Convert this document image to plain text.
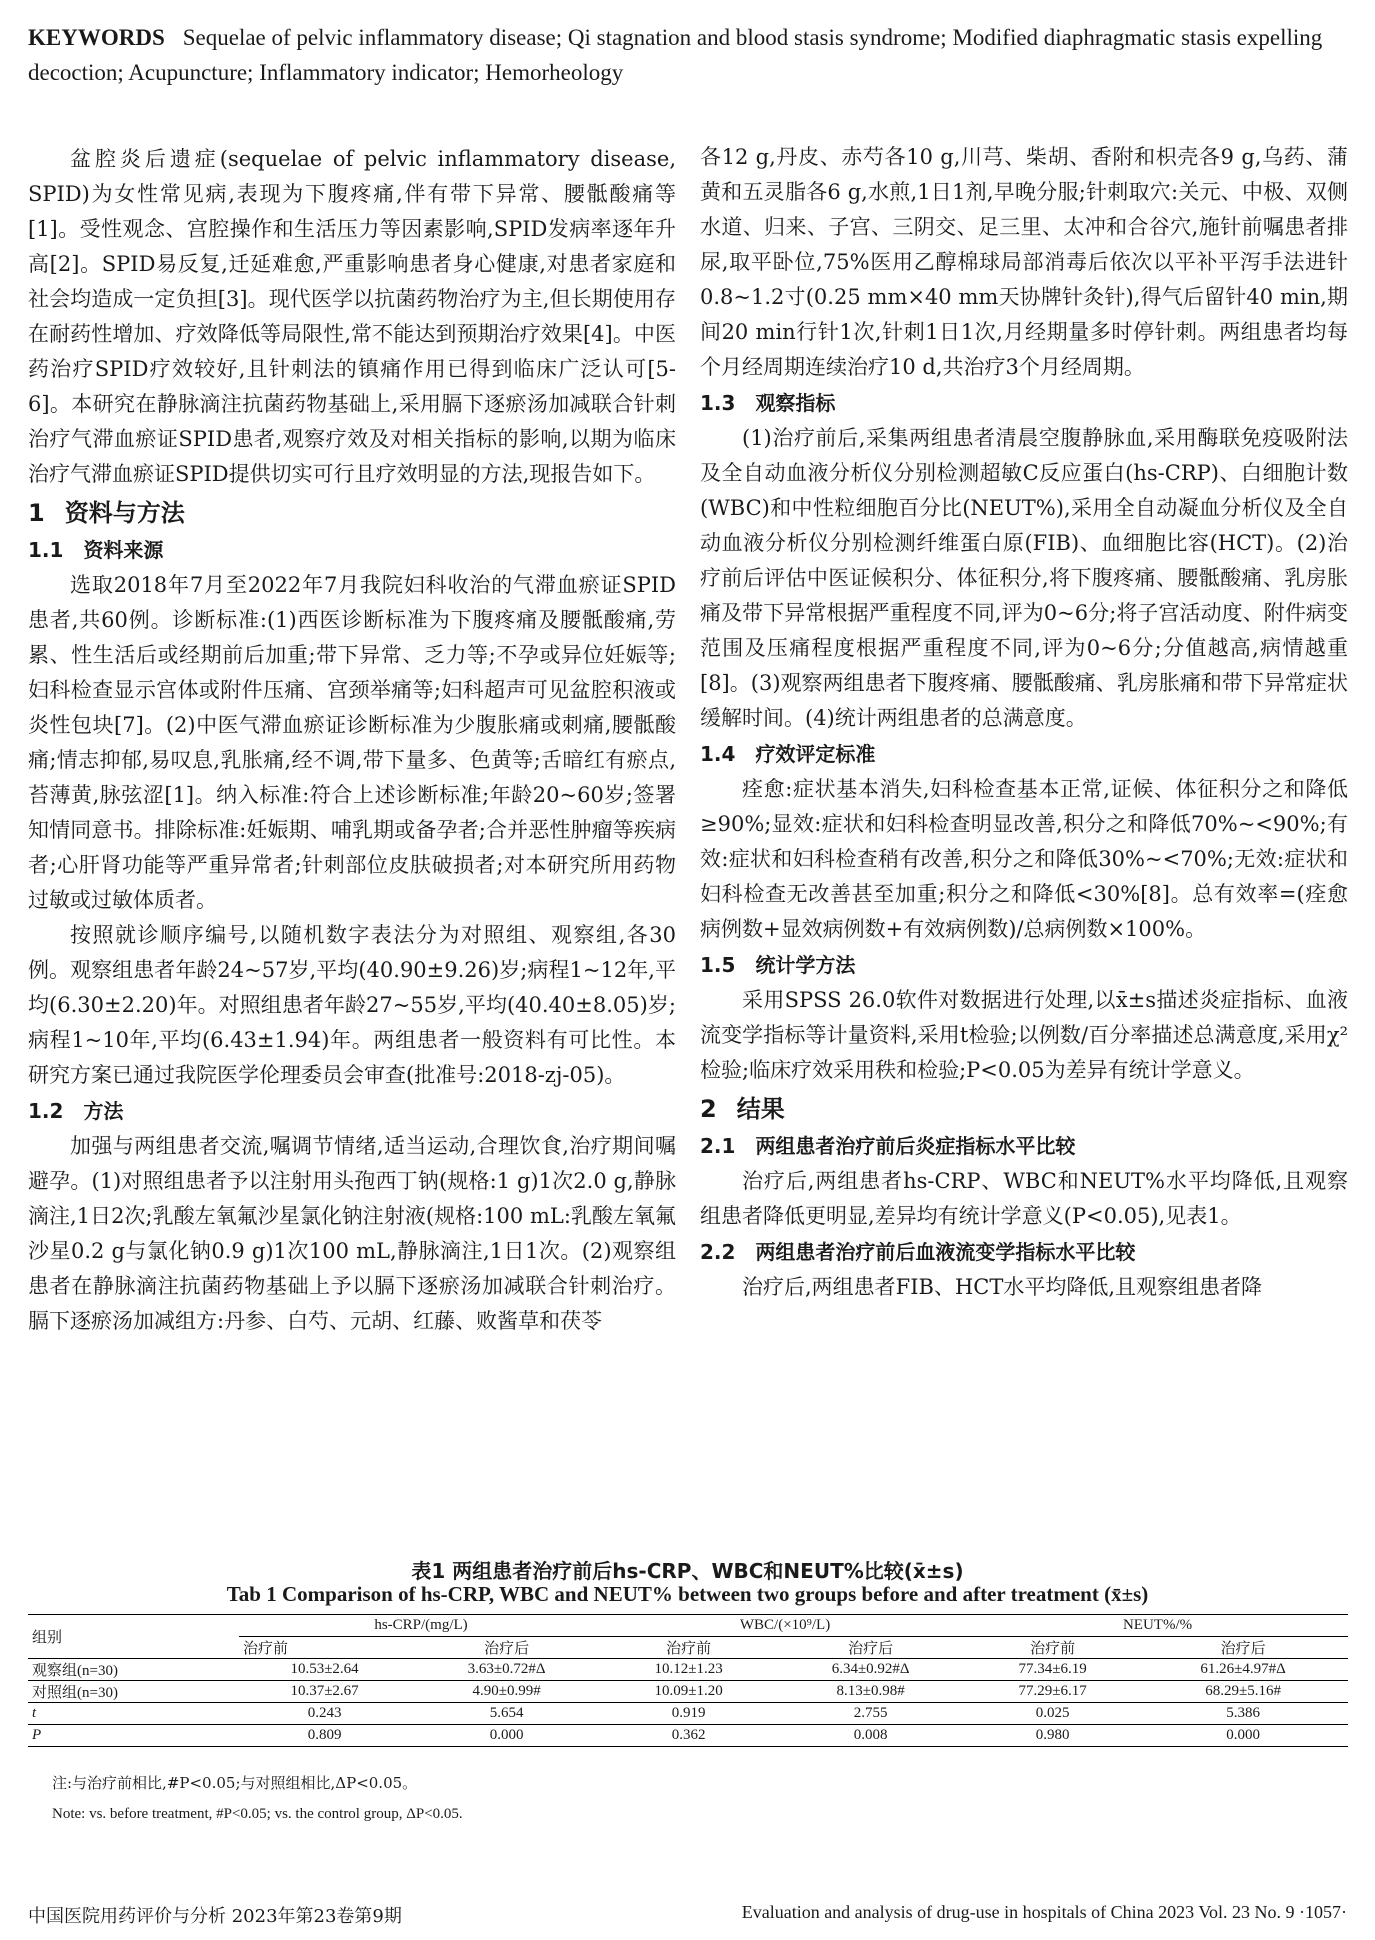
KEYWORDS Sequelae of pelvic inflammatory disease; Qi stagnation and blood stasis syndrome; Modified diaphragmatic stasis expelling decoction; Acupuncture; Inflammatory indicator; Hemorheology

盆腔炎后遗症(sequelae of pelvic inflammatory disease, SPID)为女性常见病,表现为下腹疼痛,伴有带下异常、腰骶酸痛等[1]。受性观念、宫腔操作和生活压力等因素影响,SPID发病率逐年升高[2]。SPID易反复,迁延难愈,严重影响患者身心健康,对患者家庭和社会均造成一定负担[3]。现代医学以抗菌药物治疗为主,但长期使用存在耐药性增加、疗效降低等局限性,常不能达到预期治疗效果[4]。中医药治疗SPID疗效较好,且针刺法的镇痛作用已得到临床广泛认可[5-6]。本研究在静脉滴注抗菌药物基础上,采用膈下逐瘀汤加减联合针刺治疗气滞血瘀证SPID患者,观察疗效及对相关指标的影响,以期为临床治疗气滞血瘀证SPID提供切实可行且疗效明显的方法,现报告如下。

1 资料与方法
1.1 资料来源

选取2018年7月至2022年7月我院妇科收治的气滞血瘀证SPID患者,共60例。诊断标准:(1)西医诊断标准为下腹疼痛及腰骶酸痛,劳累、性生活后或经期前后加重;带下异常、乏力等;不孕或异位妊娠等;妇科检查显示宫体或附件压痛、宫颈举痛等;妇科超声可见盆腔积液或炎性包块[7]。(2)中医气滞血瘀证诊断标准为少腹胀痛或刺痛,腰骶酸痛;情志抑郁,易叹息,乳胀痛,经不调,带下量多、色黄等;舌暗红有瘀点,苔薄黄,脉弦涩[1]。纳入标准:符合上述诊断标准;年龄20~60岁;签署知情同意书。排除标准:妊娠期、哺乳期或备孕者;合并恶性肿瘤等疾病者;心肝肾功能等严重异常者;针刺部位皮肤破损者;对本研究所用药物过敏或过敏体质者。

按照就诊顺序编号,以随机数字表法分为对照组、观察组,各30例。观察组患者年龄24~57岁,平均(40.90±9.26)岁;病程1~12年,平均(6.30±2.20)年。对照组患者年龄27~55岁,平均(40.40±8.05)岁;病程1~10年,平均(6.43±1.94)年。两组患者一般资料有可比性。本研究方案已通过我院医学伦理委员会审查(批准号:2018-zj-05)。

1.2 方法

加强与两组患者交流,嘱调节情绪,适当运动,合理饮食,治疗期间嘱避孕。(1)对照组患者予以注射用头孢西丁钠(规格:1 g)1次2.0 g,静脉滴注,1日2次;乳酸左氧氟沙星氯化钠注射液(规格:100 mL:乳酸左氧氟沙星0.2 g与氯化钠0.9 g)1次100 mL,静脉滴注,1日1次。(2)观察组患者在静脉滴注抗菌药物基础上予以膈下逐瘀汤加减联合针刺治疗。膈下逐瘀汤加减组方:丹参、白芍、元胡、红藤、败酱草和茯苓

各12 g,丹皮、赤芍各10 g,川芎、柴胡、香附和枳壳各9 g,乌药、蒲黄和五灵脂各6 g,水煎,1日1剂,早晚分服;针刺取穴:关元、中极、双侧水道、归来、子宫、三阴交、足三里、太冲和合谷穴,施针前嘱患者排尿,取平卧位,75%医用乙醇棉球局部消毒后依次以平补平泻手法进针0.8~1.2寸(0.25 mm×40 mm天协牌针灸针),得气后留针40 min,期间20 min行针1次,针刺1日1次,月经期量多时停针刺。两组患者均每个月经周期连续治疗10 d,共治疗3个月经周期。

1.3 观察指标

(1)治疗前后,采集两组患者清晨空腹静脉血,采用酶联免疫吸附法及全自动血液分析仪分别检测超敏C反应蛋白(hs-CRP)、白细胞计数(WBC)和中性粒细胞百分比(NEUT%),采用全自动凝血分析仪及全自动血液分析仪分别检测纤维蛋白原(FIB)、血细胞比容(HCT)。(2)治疗前后评估中医证候积分、体征积分,将下腹疼痛、腰骶酸痛、乳房胀痛及带下异常根据严重程度不同,评为0~6分;将子宫活动度、附件病变范围及压痛程度根据严重程度不同,评为0~6分;分值越高,病情越重[8]。(3)观察两组患者下腹疼痛、腰骶酸痛、乳房胀痛和带下异常症状缓解时间。(4)统计两组患者的总满意度。

1.4 疗效评定标准

痊愈:症状基本消失,妇科检查基本正常,证候、体征积分之和降低≥90%;显效:症状和妇科检查明显改善,积分之和降低70%~<90%;有效:症状和妇科检查稍有改善,积分之和降低30%~<70%;无效:症状和妇科检查无改善甚至加重;积分之和降低<30%[8]。总有效率=(痊愈病例数+显效病例数+有效病例数)/总病例数×100%。

1.5 统计学方法

采用SPSS 26.0软件对数据进行处理,以x̄±s描述炎症指标、血液流变学指标等计量资料,采用t检验;以例数/百分率描述总满意度,采用χ²检验;临床疗效采用秩和检验;P<0.05为差异有统计学意义。

2 结果
2.1 两组患者治疗前后炎症指标水平比较

治疗后,两组患者hs-CRP、WBC和NEUT%水平均降低,且观察组患者降低更明显,差异均有统计学意义(P<0.05),见表1。

2.2 两组患者治疗前后血液流变学指标水平比较

治疗后,两组患者FIB、HCT水平均降低,且观察组患者降

表1 两组患者治疗前后hs-CRP、WBC和NEUT%比较(x̄±s)
Tab 1 Comparison of hs-CRP, WBC and NEUT% between two groups before and after treatment (x̄±s)
组别	hs-CRP/(mg/L)		WBC/(×10⁹/L)		NEUT%/%	
	治疗前	治疗后	治疗前	治疗后	治疗前	治疗后
观察组(n=30)	10.53±2.64	3.63±0.72#Δ	10.12±1.23	6.34±0.92#Δ	77.34±6.19	61.26±4.97#Δ
对照组(n=30)	10.37±2.67	4.90±0.99#	10.09±1.20	8.13±0.98#	77.29±6.17	68.29±5.16#
t	0.243	5.654	0.919	2.755	0.025	5.386
P	0.809	0.000	0.362	0.008	0.980	0.000
注:与治疗前相比,#P<0.05;与对照组相比,ΔP<0.05。
Note: vs. before treatment, #P<0.05; vs. the control group, ΔP<0.05.
中国医院用药评价与分析 2023年第23卷第9期	Evaluation and analysis of drug-use in hospitals of China 2023 Vol. 23 No. 9 ·1057·
